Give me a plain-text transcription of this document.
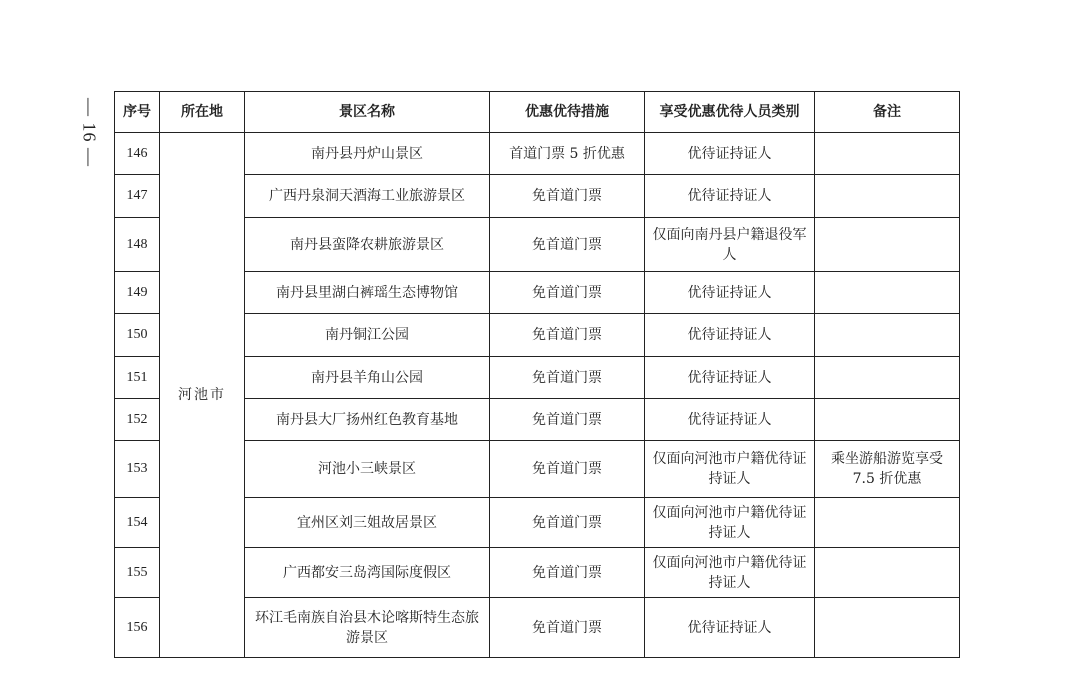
— 16 —	序号	所在地	景区名称	优惠优待措施	享受优惠优待人员类别	备注
146	河池市	南丹县丹炉山景区	首道门票 5 折优惠	优待证持证人	
147		广西丹泉洞天酒海工业旅游景区	免首道门票	优待证持证人	
148		南丹县蛮降农耕旅游景区	免首道门票	仅面向南丹县户籍退役军人	
149		南丹县里湖白裤瑶生态博物馆	免首道门票	优待证持证人	
150		南丹铜江公园	免首道门票	优待证持证人	
151		南丹县羊角山公园	免首道门票	优待证持证人	
152		南丹县大厂扬州红色教育基地	免首道门票	优待证持证人	
153		河池小三峡景区	免首道门票	仅面向河池市户籍优待证持证人	乘坐游船游览享受 7.5 折优惠
154		宜州区刘三姐故居景区	免首道门票	仅面向河池市户籍优待证持证人	
155		广西都安三岛湾国际度假区	免首道门票	仅面向河池市户籍优待证持证人	
156		环江毛南族自治县木论喀斯特生态旅游景区	免首道门票	优待证持证人	
